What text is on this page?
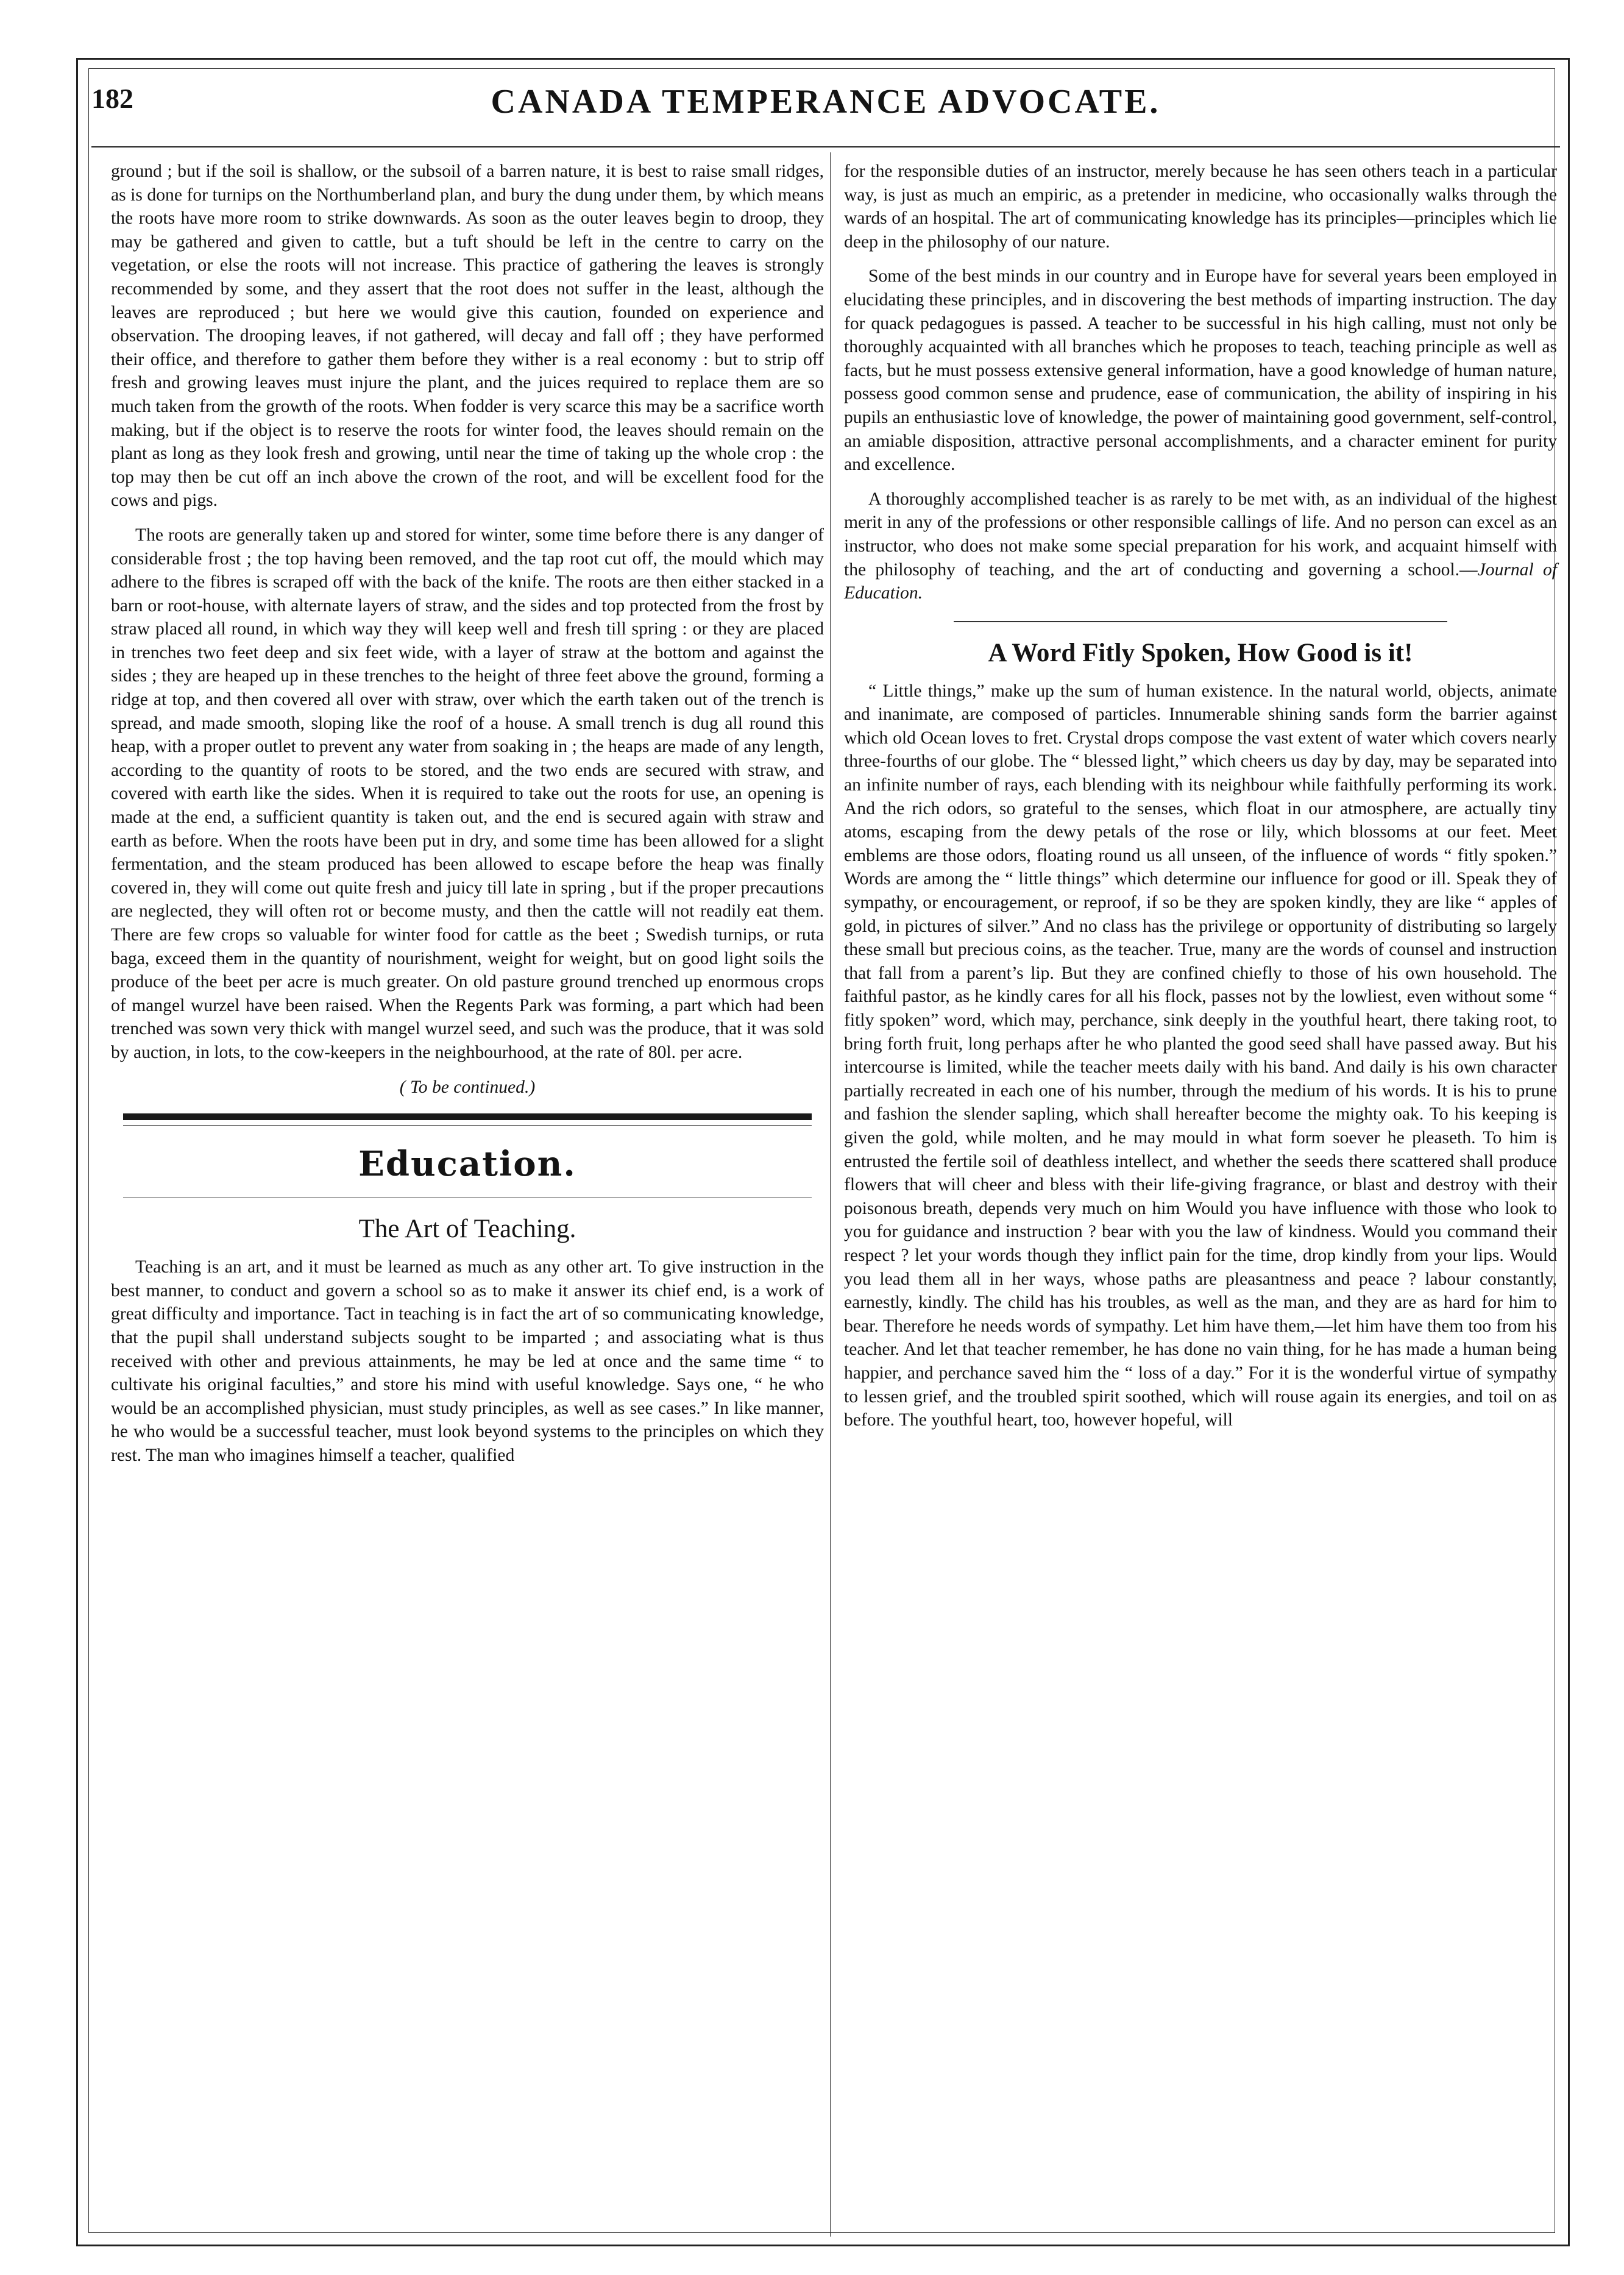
182	CANADA TEMPERANCE ADVOCATE.

ground ; but if the soil is shallow, or the subsoil of a barren nature, it is best to raise small ridges, as is done for turnips on the Northumberland plan, and bury the dung under them, by which means the roots have more room to strike downwards. As soon as the outer leaves begin to droop, they may be gathered and given to cattle, but a tuft should be left in the centre to carry on the vegetation, or else the roots will not increase. This practice of gathering the leaves is strongly recommended by some, and they assert that the root does not suffer in the least, although the leaves are reproduced ; but here we would give this caution, founded on experience and observation. The drooping leaves, if not gathered, will decay and fall off ; they have performed their office, and therefore to gather them before they wither is a real economy : but to strip off fresh and growing leaves must injure the plant, and the juices required to replace them are so much taken from the growth of the roots. When fodder is very scarce this may be a sacrifice worth making, but if the object is to reserve the roots for winter food, the leaves should remain on the plant as long as they look fresh and growing, until near the time of taking up the whole crop : the top may then be cut off an inch above the crown of the root, and will be excellent food for the cows and pigs.

The roots are generally taken up and stored for winter, some time before there is any danger of considerable frost ; the top having been removed, and the tap root cut off, the mould which may adhere to the fibres is scraped off with the back of the knife. The roots are then either stacked in a barn or root-house, with alternate layers of straw, and the sides and top protected from the frost by straw placed all round, in which way they will keep well and fresh till spring : or they are placed in trenches two feet deep and six feet wide, with a layer of straw at the bottom and against the sides ; they are heaped up in these trenches to the height of three feet above the ground, forming a ridge at top, and then covered all over with straw, over which the earth taken out of the trench is spread, and made smooth, sloping like the roof of a house. A small trench is dug all round this heap, with a proper outlet to prevent any water from soaking in ; the heaps are made of any length, according to the quantity of roots to be stored, and the two ends are secured with straw, and covered with earth like the sides. When it is required to take out the roots for use, an opening is made at the end, a sufficient quantity is taken out, and the end is secured again with straw and earth as before. When the roots have been put in dry, and some time has been allowed for a slight fermentation, and the steam produced has been allowed to escape before the heap was finally covered in, they will come out quite fresh and juicy till late in spring , but if the proper precautions are neglected, they will often rot or become musty, and then the cattle will not readily eat them. There are few crops so valuable for winter food for cattle as the beet ; Swedish turnips, or ruta baga, exceed them in the quantity of nourishment, weight for weight, but on good light soils the produce of the beet per acre is much greater. On old pasture ground trenched up enormous crops of mangel wurzel have been raised. When the Regents Park was forming, a part which had been trenched was sown very thick with mangel wurzel seed, and such was the produce, that it was sold by auction, in lots, to the cow-keepers in the neighbourhood, at the rate of 80l. per acre.

( To be continued.)
Education.
The Art of Teaching.

Teaching is an art, and it must be learned as much as any other art. To give instruction in the best manner, to conduct and govern a school so as to make it answer its chief end, is a work of great difficulty and importance. Tact in teaching is in fact the art of so communicating knowledge, that the pupil shall understand subjects sought to be imparted ; and associating what is thus received with other and previous attainments, he may be led at once and the same time “ to cultivate his original faculties,” and store his mind with useful knowledge. Says one, “ he who would be an accomplished physician, must study principles, as well as see cases.” In like manner, he who would be a successful teacher, must look beyond systems to the principles on which they rest. The man who imagines himself a teacher, qualified

for the responsible duties of an instructor, merely because he has seen others teach in a particular way, is just as much an empiric, as a pretender in medicine, who occasionally walks through the wards of an hospital. The art of communicating knowledge has its principles—principles which lie deep in the philosophy of our nature.

Some of the best minds in our country and in Europe have for several years been employed in elucidating these principles, and in discovering the best methods of imparting instruction. The day for quack pedagogues is passed. A teacher to be successful in his high calling, must not only be thoroughly acquainted with all branches which he proposes to teach, teaching principle as well as facts, but he must possess extensive general information, have a good knowledge of human nature, possess good common sense and prudence, ease of communication, the ability of inspiring in his pupils an enthusiastic love of knowledge, the power of maintaining good government, self-control, an amiable disposition, attractive personal accomplishments, and a character eminent for purity and excellence.

A thoroughly accomplished teacher is as rarely to be met with, as an individual of the highest merit in any of the professions or other responsible callings of life. And no person can excel as an instructor, who does not make some special preparation for his work, and acquaint himself with the philosophy of teaching, and the art of conducting and governing a school.—Journal of Education.

A Word Fitly Spoken, How Good is it!

“ Little things,” make up the sum of human existence. In the natural world, objects, animate and inanimate, are composed of particles. Innumerable shining sands form the barrier against which old Ocean loves to fret. Crystal drops compose the vast extent of water which covers nearly three-fourths of our globe. The “ blessed light,” which cheers us day by day, may be separated into an infinite number of rays, each blending with its neighbour while faithfully performing its work. And the rich odors, so grateful to the senses, which float in our atmosphere, are actually tiny atoms, escaping from the dewy petals of the rose or lily, which blossoms at our feet. Meet emblems are those odors, floating round us all unseen, of the influence of words “ fitly spoken.” Words are among the “ little things” which determine our influence for good or ill. Speak they of sympathy, or encouragement, or reproof, if so be they are spoken kindly, they are like “ apples of gold, in pictures of silver.” And no class has the privilege or opportunity of distributing so largely these small but precious coins, as the teacher. True, many are the words of counsel and instruction that fall from a parent’s lip. But they are confined chiefly to those of his own household. The faithful pastor, as he kindly cares for all his flock, passes not by the lowliest, even without some “ fitly spoken” word, which may, perchance, sink deeply in the youthful heart, there taking root, to bring forth fruit, long perhaps after he who planted the good seed shall have passed away. But his intercourse is limited, while the teacher meets daily with his band. And daily is his own character partially recreated in each one of his number, through the medium of his words. It is his to prune and fashion the slender sapling, which shall hereafter become the mighty oak. To his keeping is given the gold, while molten, and he may mould in what form soever he pleaseth. To him is entrusted the fertile soil of deathless intellect, and whether the seeds there scattered shall produce flowers that will cheer and bless with their life-giving fragrance, or blast and destroy with their poisonous breath, depends very much on him Would you have influence with those who look to you for guidance and instruction ? bear with you the law of kindness. Would you command their respect ? let your words though they inflict pain for the time, drop kindly from your lips. Would you lead them all in her ways, whose paths are pleasantness and peace ? labour constantly, earnestly, kindly. The child has his troubles, as well as the man, and they are as hard for him to bear. Therefore he needs words of sympathy. Let him have them,—let him have them too from his teacher. And let that teacher remember, he has done no vain thing, for he has made a human being happier, and perchance saved him the “ loss of a day.” For it is the wonderful virtue of sympathy to lessen grief, and the troubled spirit soothed, which will rouse again its energies, and toil on as before. The youthful heart, too, however hopeful, will
